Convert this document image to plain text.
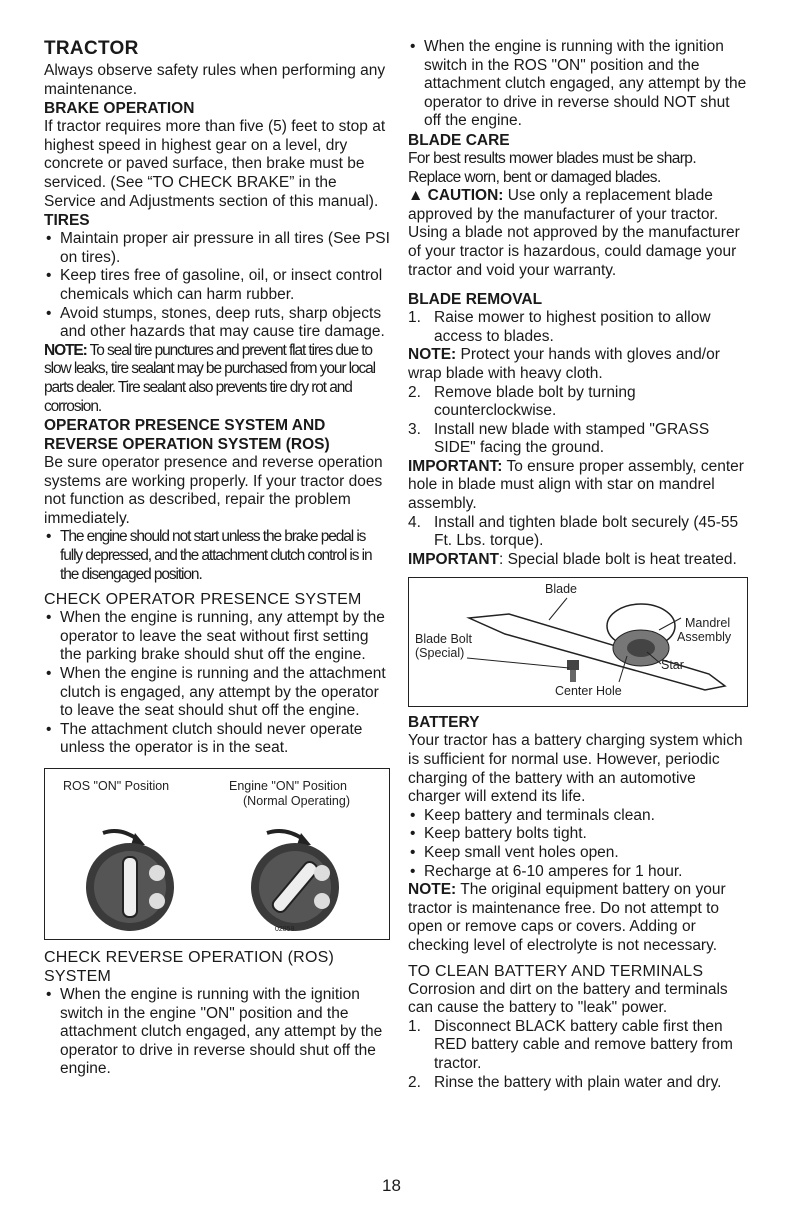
TRACTOR
Always observe safety rules when performing any maintenance.
BRAKE OPERATION
If tractor requires more than five (5) feet to stop at highest speed in highest gear on a level, dry concrete or paved surface, then brake must be serviced. (See “TO CHECK BRAKE” in the Service and Adjustments section of this manual).
TIRES
• Maintain proper air pressure in all tires (See PSI on tires).
• Keep tires free of gasoline, oil, or insect control chemicals which can harm rubber.
• Avoid stumps, stones, deep ruts, sharp objects and other hazards that may cause tire damage.
NOTE: To seal tire punctures and prevent flat tires due to slow leaks, tire sealant may be purchased from your local parts dealer. Tire sealant also prevents tire dry rot and corrosion.
OPERATOR PRESENCE SYSTEM AND REVERSE OPERATION SYSTEM (ROS)
Be sure operator presence and reverse operation systems are working properly. If your tractor does not function as described, repair the problem immediately.
• The engine should not start unless the brake pedal is fully depressed, and the attachment clutch control is in the disengaged position.
CHECK OPERATOR PRESENCE SYSTEM
• When the engine is running, any attempt by the operator to leave the seat without first setting the parking brake should shut off the engine.
• When the engine is running and the attachment clutch is engaged, any attempt by the operator to leave the seat should shut off the engine.
• The attachment clutch should never operate unless the operator is in the seat.
ROS "ON" Position	Engine "ON" Position
(Normal Operating)
02858
CHECK REVERSE OPERATION (ROS) SYSTEM
• When the engine is running with the ignition switch in the engine "ON" position and the attachment clutch engaged, any attempt by the operator to drive in reverse should shut off the engine.
• When the engine is running with the ignition switch in the ROS "ON" position and the attachment clutch engaged, any attempt by the operator to drive in reverse should NOT shut off the engine.
BLADE CARE
For best results mower blades must be sharp. Replace worn, bent or damaged blades.
▲ CAUTION: Use only a replacement blade approved by the manufacturer of your tractor. Using a blade not approved by the manufacturer of your tractor is hazardous, could damage your tractor and void your warranty.
BLADE REMOVAL
1. Raise mower to highest position to allow access to blades.
NOTE: Protect your hands with gloves and/or wrap blade with heavy cloth.
2. Remove blade bolt by turning counterclockwise.
3. Install new blade with stamped "GRASS SIDE" facing the ground.
IMPORTANT: To ensure proper assembly, center hole in blade must align with star on mandrel assembly.
4. Install and tighten blade bolt securely (45-55 Ft. Lbs. torque).
IMPORTANT: Special blade bolt is heat treated.
Blade
Blade Bolt
(Special)
Mandrel
Assembly
Star
Center Hole
BATTERY
Your tractor has a battery charging system which is sufficient for normal use. However, periodic charging of the battery with an automotive charger will extend its life.
• Keep battery and terminals clean.
• Keep battery bolts tight.
• Keep small vent holes open.
• Recharge at 6-10 amperes for 1 hour.
NOTE: The original equipment battery on your tractor is maintenance free. Do not attempt to open or remove caps or covers. Adding or checking level of electrolyte is not necessary.
TO CLEAN BATTERY AND TERMINALS
Corrosion and dirt on the battery and terminals can cause the battery to "leak" power.
1. Disconnect BLACK battery cable first then RED battery cable and remove battery from tractor.
2. Rinse the battery with plain water and dry.
18
